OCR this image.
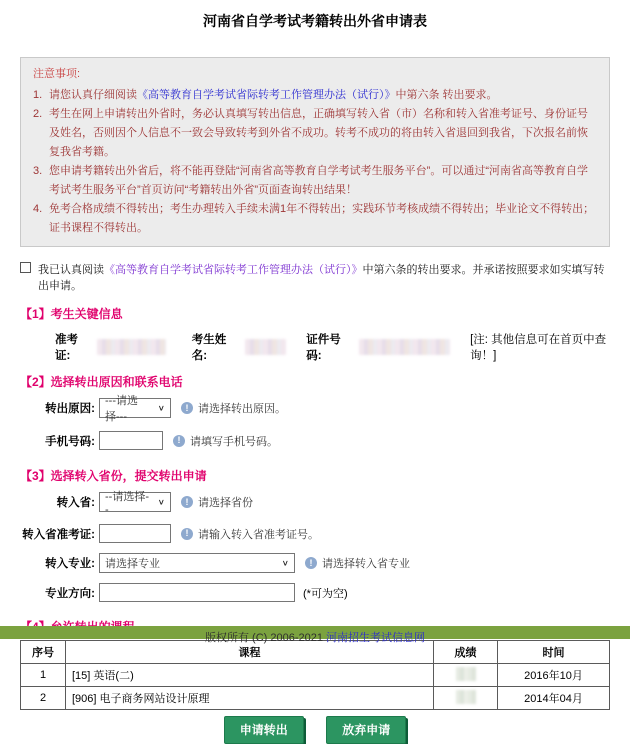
河南省自学考试考籍转出外省申请表
注意事项:
1. 请您认真仔细阅读《高等教育自学考试省际转考工作管理办法（试行）》中第六条 转出要求。
2. 考生在网上申请转出外省时，务必认真填写转出信息，正确填写转入省（市）名称和转入省准考证号、身份证号及姓名，否则因个人信息不一致会导致转考到外省不成功。转考不成功的将由转入省退回到我省，下次报名前恢复我省考籍。
3. 您申请考籍转出外省后，将不能再登陆“河南省高等教育自学考试考生服务平台”。可以通过“河南省高等教育自学考试考生服务平台”首页访问“考籍转出外省”页面查询转出结果！
4. 免考合格成绩不得转出；考生办理转入手续未满1年不得转出；实践环节考核成绩不得转出；毕业论文不得转出；证书课程不得转出。
我已认真阅读《高等教育自学考试省际转考工作管理办法（试行）》中第六条的转出要求。并承诺按照要求如实填写转出申请。
【1】考生关键信息
准考证:
考生姓名:
证件号码:
[注: 其他信息可在首页中查询！]
【2】选择转出原因和联系电话
转出原因:
---请选择---
∨	! 请选择转出原因。
手机号码:	! 请填写手机号码。
【3】选择转入省份，提交转出申请
转入省: --请选择--
∨	! 请选择省份
转入省准考证:	! 请输入转入省准考证号。
转入专业: 请选择专业	∨	! 请选择转入省专业
专业方向:	(*可为空)
序号	课程	成绩	时间
1	[15] 英语(二)		2016年10月
2	[906] 电子商务网站设计原理		2014年04月
申请转出	放弃申请
版权所有 (C) 2006-2021 河南招生考试信息网
